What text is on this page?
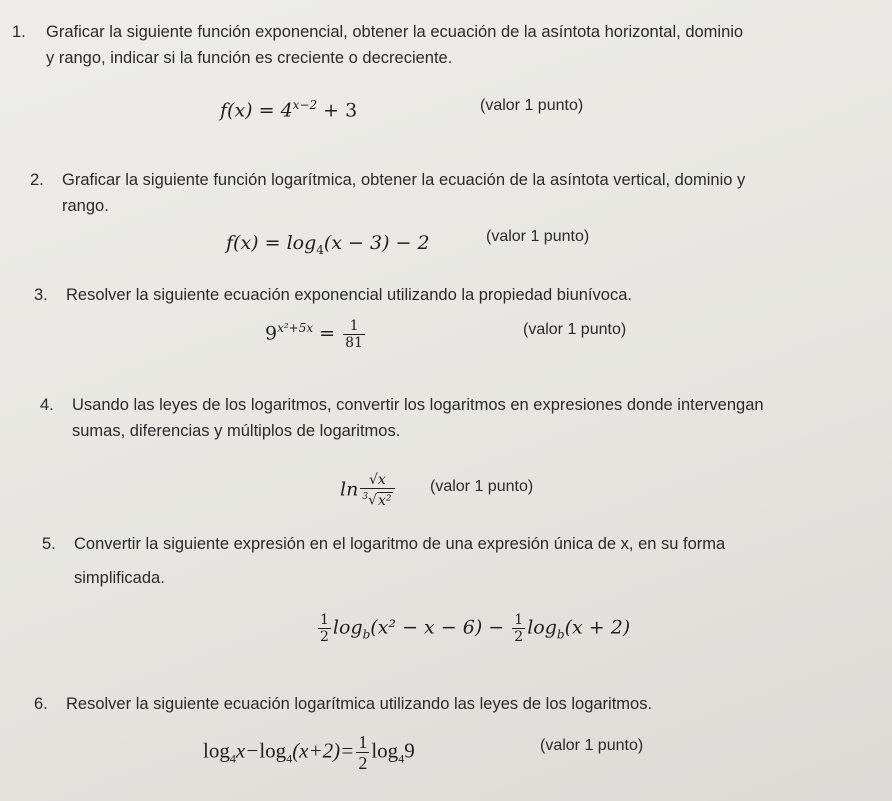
1. Graficar la siguiente función exponencial, obtener la ecuación de la asíntota horizontal, dominio
y rango, indicar si la función es creciente o decreciente.
$f(x) = 4^{x-2} + 3$	(valor 1 punto)
2. Graficar la siguiente función logarítmica, obtener la ecuación de la asíntota vertical, dominio y
rango.
$f(x) = \log_4(x - 3) - 2$	(valor 1 punto)
3. Resolver la siguiente ecuación exponencial utilizando la propiedad biunívoca.
$9^{x^2+5x} = \frac{1}{81}$	(valor 1 punto)
4. Usando las leyes de los logaritmos, convertir los logaritmos en expresiones donde intervengan
sumas, diferencias y múltiplos de logaritmos.
$\ln \frac{√x}{^3√x^2}$ (valor 1 punto)
5. Convertir la siguiente expresión en el logaritmo de una expresión única de x, en su forma
simplificada.
$\frac{1}{2} \log_b(x^2 - x - 6) - \frac{1}{2} \log_b(x + 2)$
6. Resolver la siguiente ecuación logarítmica utilizando las leyes de los logaritmos.
$\log_4x-\log_4(x+2)= \frac{1}{2} \log_49$	(valor 1 punto)
